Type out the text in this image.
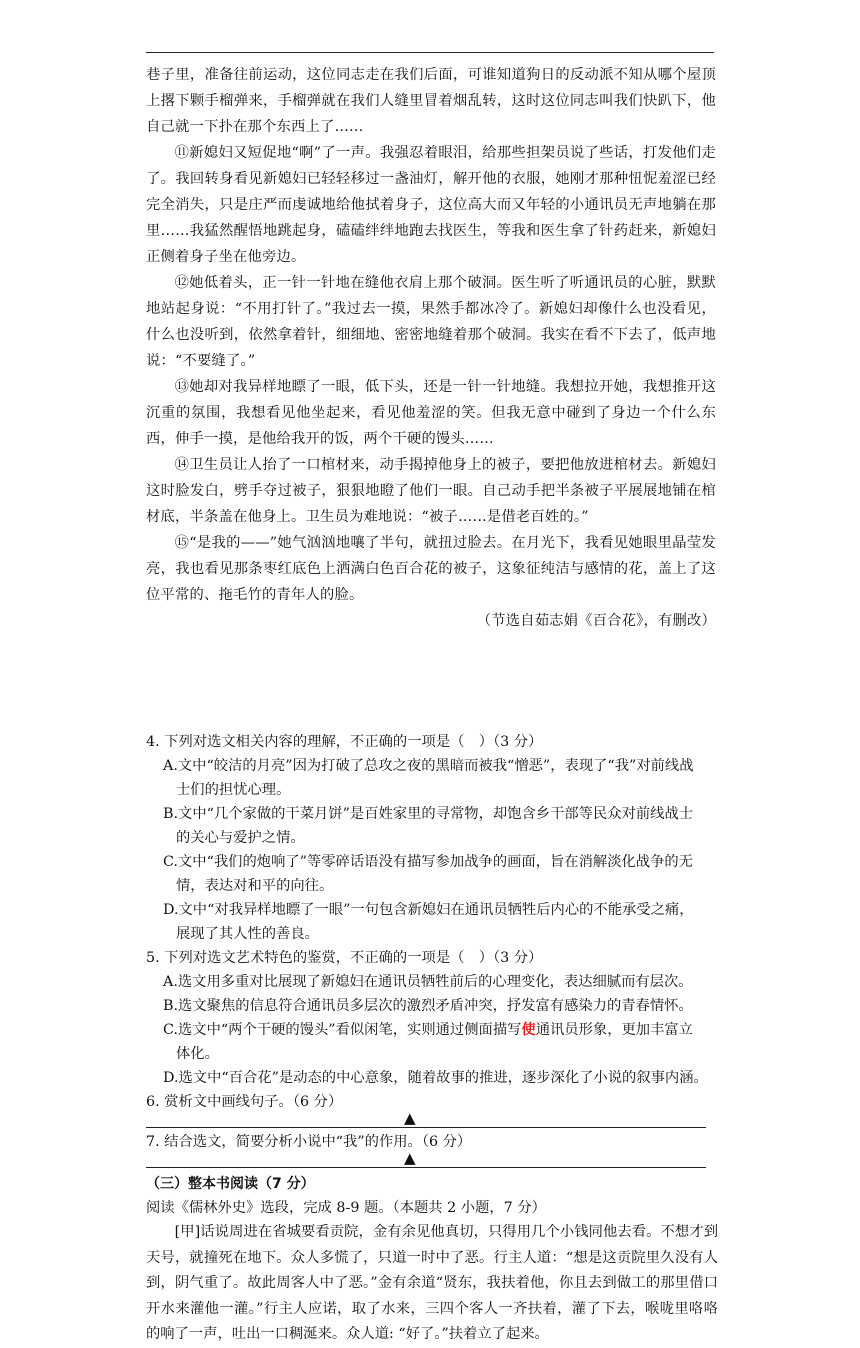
巷子里，准备往前运动，这位同志走在我们后面，可谁知道狗日的反动派不知从哪个屋顶上撂下颗手榴弹来，手榴弹就在我们人缝里冒着烟乱转，这时这位同志叫我们快趴下，他自己就一下扑在那个东西上了……

⑪新媳妇又短促地“啊”了一声。我强忍着眼泪，给那些担架员说了些话，打发他们走了。我回转身看见新媳妇已轻轻移过一盏油灯，解开他的衣服，她刚才那种忸怩羞涩已经完全消失，只是庄严而虔诚地给他拭着身子，这位高大而又年轻的小通讯员无声地躺在那里……我猛然醒悟地跳起身，磕磕绊绊地跑去找医生，等我和医生拿了针药赶来，新媳妇正侧着身子坐在他旁边。

⑫她低着头，正一针一针地在缝他衣肩上那个破洞。医生听了听通讯员的心脏，默默地站起身说：“不用打针了。”我过去一摸，果然手都冰冷了。新媳妇却像什么也没看见，什么也没听到，依然拿着针，细细地、密密地缝着那个破洞。我实在看不下去了，低声地说：“不要缝了。”

⑬她却对我异样地瞟了一眼，低下头，还是一针一针地缝。我想拉开她，我想推开这沉重的氛围，我想看见他坐起来，看见他羞涩的笑。但我无意中碰到了身边一个什么东西，伸手一摸，是他给我开的饭，两个干硬的馒头……

⑭卫生员让人抬了一口棺材来，动手揭掉他身上的被子，要把他放进棺材去。新媳妇这时脸发白，劈手夺过被子，狠狠地瞪了他们一眼。自己动手把半条被子平展展地铺在棺材底，半条盖在他身上。卫生员为难地说：“被子……是借老百姓的。”

⑮“是我的——”她气汹汹地嚷了半句，就扭过脸去。在月光下，我看见她眼里晶莹发亮，我也看见那条枣红底色上洒满白色百合花的被子，这象征纯洁与感情的花，盖上了这位平常的、拖毛竹的青年人的脸。

（节选自茹志娟《百合花》，有删改）

4. 下列对选文相关内容的理解，不正确的一项是（　）（3 分）

A.文中“皎洁的月亮”因为打破了总攻之夜的黑暗而被我“憎恶”，表现了“我”对前线战
士们的担忧心理。

B.文中“几个家做的干菜月饼”是百姓家里的寻常物，却饱含乡干部等民众对前线战士
的关心与爱护之情。

C.文中“我们的炮响了”等零碎话语没有描写参加战争的画面，旨在消解淡化战争的无
情，表达对和平的向往。

D.文中“对我异样地瞟了一眼”一句包含新媳妇在通讯员牺牲后内心的不能承受之痛，
展现了其人性的善良。

5. 下列对选文艺术特色的鉴赏，不正确的一项是（　）（3 分）

A.选文用多重对比展现了新媳妇在通讯员牺牲前后的心理变化，表达细腻而有层次。

B.选文聚焦的信息符合通讯员多层次的激烈矛盾冲突，抒发富有感染力的青春情怀。

C.选文中“两个干硬的馒头”看似闲笔，实则通过侧面描写使通讯员形象，更加丰富立
体化。

D.选文中“百合花”是动态的中心意象，随着故事的推进，逐步深化了小说的叙事内涵。

6. 赏析文中画线句子。（6 分）

▲

7. 结合选文，简要分析小说中“我”的作用。（6 分）

▲

（三）整本书阅读（7 分）

阅读《儒林外史》选段，完成 8-9 题。（本题共 2 小题，7 分）

[甲]话说周进在省城要看贡院，金有余见他真切，只得用几个小钱同他去看。不想才到天号，就撞死在地下。众人多慌了，只道一时中了恶。行主人道：“想是这贡院里久没有人到，阴气重了。故此周客人中了恶。”金有余道“贤东，我扶着他，你且去到做工的那里借口开水来灌他一灌。”行主人应诺，取了水来，三四个客人一齐扶着，灌了下去，喉咙里咯咯的响了一声，吐出一口稠涎来。众人道: “好了。”扶着立了起来。
